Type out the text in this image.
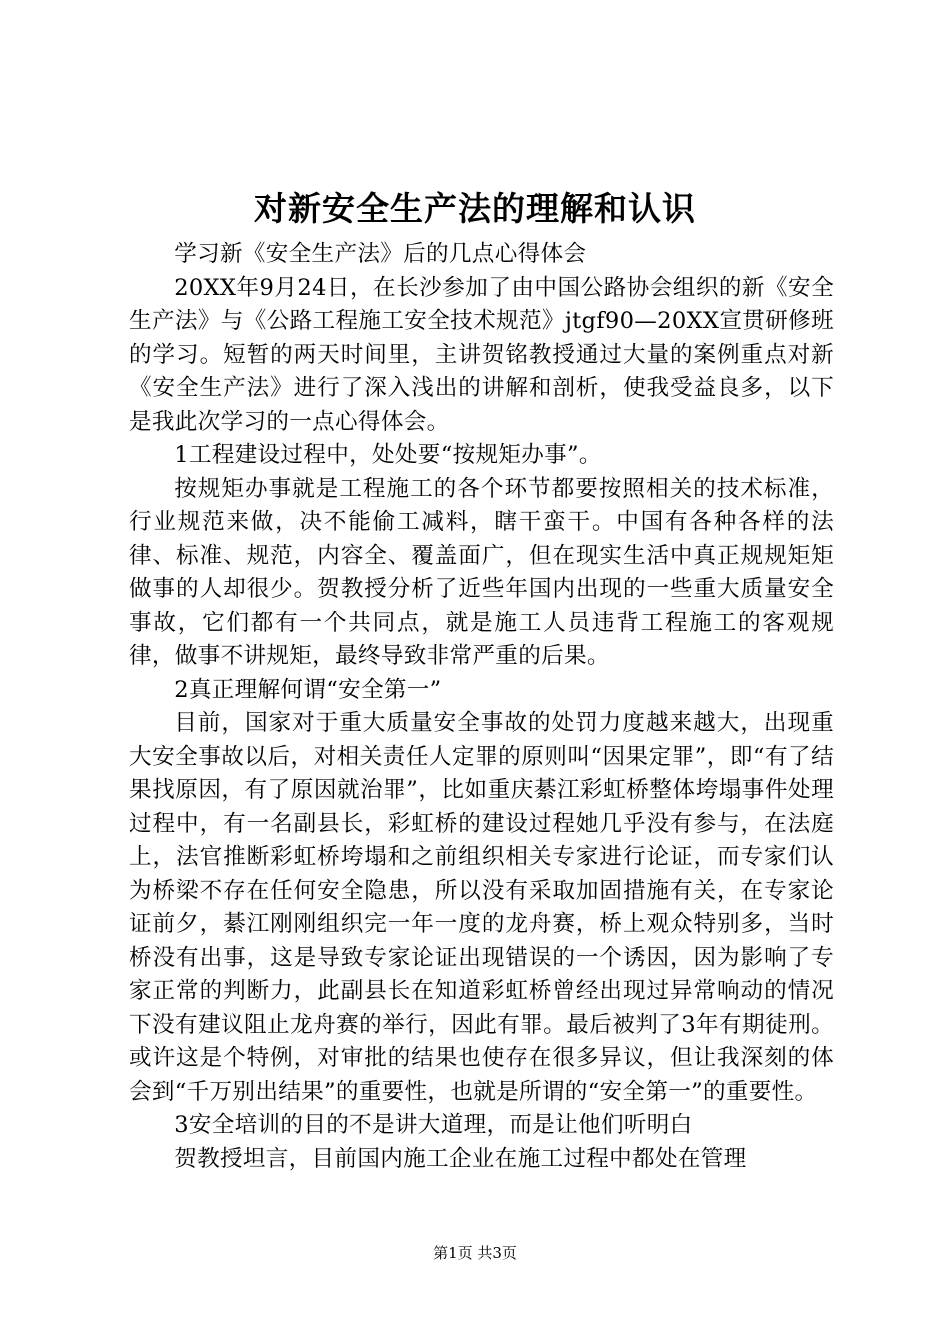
对新安全生产法的理解和认识

学习新《安全生产法》后的几点心得体会

20XX年9月24日，在长沙参加了由中国公路协会组织的新《安全生产法》与《公路工程施工安全技术规范》jtgf90—20XX宣贯研修班的学习。短暂的两天时间里，主讲贺铭教授通过大量的案例重点对新《安全生产法》进行了深入浅出的讲解和剖析，使我受益良多，以下是我此次学习的一点心得体会。

1工程建设过程中，处处要“按规矩办事”。

按规矩办事就是工程施工的各个环节都要按照相关的技术标准，行业规范来做，决不能偷工减料，瞎干蛮干。中国有各种各样的法律、标准、规范，内容全、覆盖面广，但在现实生活中真正规规矩矩做事的人却很少。贺教授分析了近些年国内出现的一些重大质量安全事故，它们都有一个共同点，就是施工人员违背工程施工的客观规律，做事不讲规矩，最终导致非常严重的后果。

2真正理解何谓“安全第一”

目前，国家对于重大质量安全事故的处罚力度越来越大，出现重大安全事故以后，对相关责任人定罪的原则叫“因果定罪”，即“有了结果找原因，有了原因就治罪”，比如重庆綦江彩虹桥整体垮塌事件处理过程中，有一名副县长，彩虹桥的建设过程她几乎没有参与，在法庭上，法官推断彩虹桥垮塌和之前组织相关专家进行论证，而专家们认为桥梁不存在任何安全隐患，所以没有采取加固措施有关，在专家论证前夕，綦江刚刚组织完一年一度的龙舟赛，桥上观众特别多，当时桥没有出事，这是导致专家论证出现错误的一个诱因，因为影响了专家正常的判断力，此副县长在知道彩虹桥曾经出现过异常响动的情况下没有建议阻止龙舟赛的举行，因此有罪。最后被判了3年有期徒刑。或许这是个特例，对审批的结果也使存在很多异议，但让我深刻的体会到“千万别出结果”的重要性，也就是所谓的“安全第一”的重要性。

3安全培训的目的不是讲大道理，而是让他们听明白

贺教授坦言，目前国内施工企业在施工过程中都处在管理

第1页 共3页
